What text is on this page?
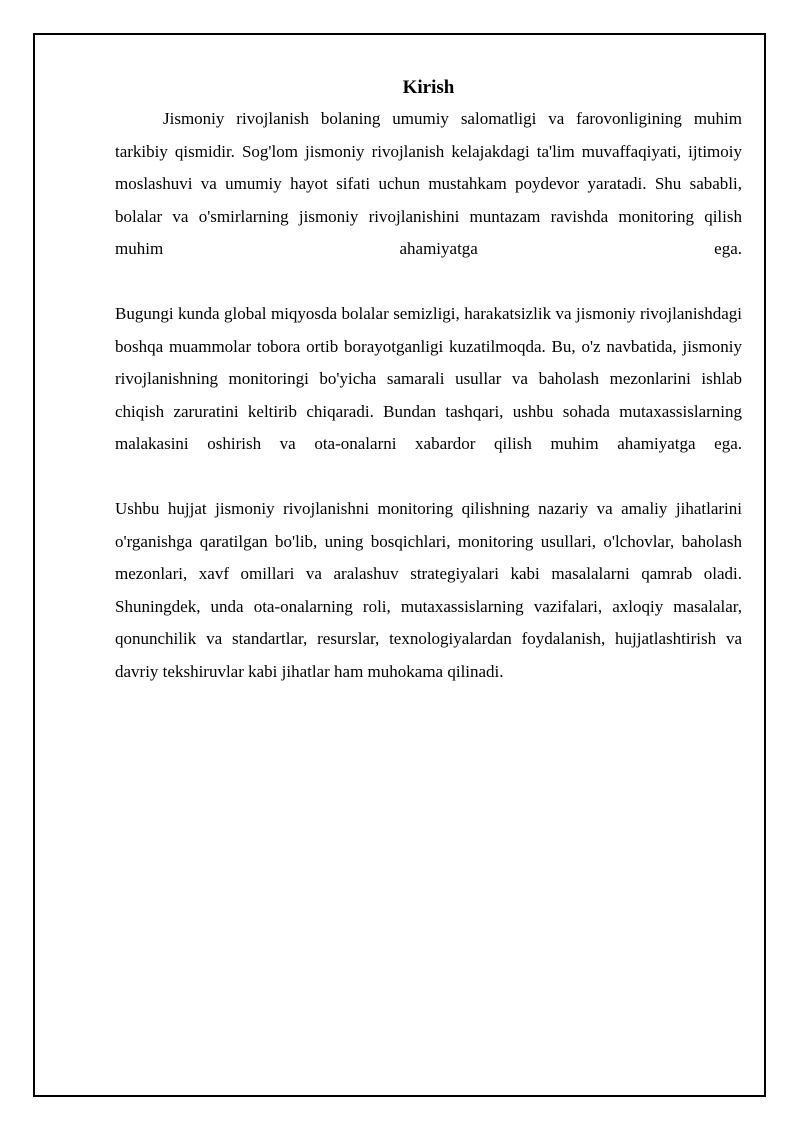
Kirish

Jismoniy rivojlanish bolaning umumiy salomatligi va farovonligining muhim tarkibiy qismidir. Sog'lom jismoniy rivojlanish kelajakdagi ta'lim muvaffaqiyati, ijtimoiy moslashuvi va umumiy hayot sifati uchun mustahkam poydevor yaratadi. Shu sababli, bolalar va o'smirlarning jismoniy rivojlanishini muntazam ravishda monitoring qilish muhim ahamiyatga ega.

Bugungi kunda global miqyosda bolalar semizligi, harakatsizlik va jismoniy rivojlanishdagi boshqa muammolar tobora ortib borayotganligi kuzatilmoqda. Bu, o'z navbatida, jismoniy rivojlanishning monitoringi bo'yicha samarali usullar va baholash mezonlarini ishlab chiqish zaruratini keltirib chiqaradi. Bundan tashqari, ushbu sohada mutaxassislarning malakasini oshirish va ota-onalarni xabardor qilish muhim ahamiyatga ega.

Ushbu hujjat jismoniy rivojlanishni monitoring qilishning nazariy va amaliy jihatlarini o'rganishga qaratilgan bo'lib, uning bosqichlari, monitoring usullari, o'lchovlar, baholash mezonlari, xavf omillari va aralashuv strategiyalari kabi masalalarni qamrab oladi. Shuningdek, unda ota-onalarning roli, mutaxassislarning vazifalari, axloqiy masalalar, qonunchilik va standartlar, resurslar, texnologiyalardan foydalanish, hujjatlashtirish va davriy tekshiruvlar kabi jihatlar ham muhokama qilinadi.
